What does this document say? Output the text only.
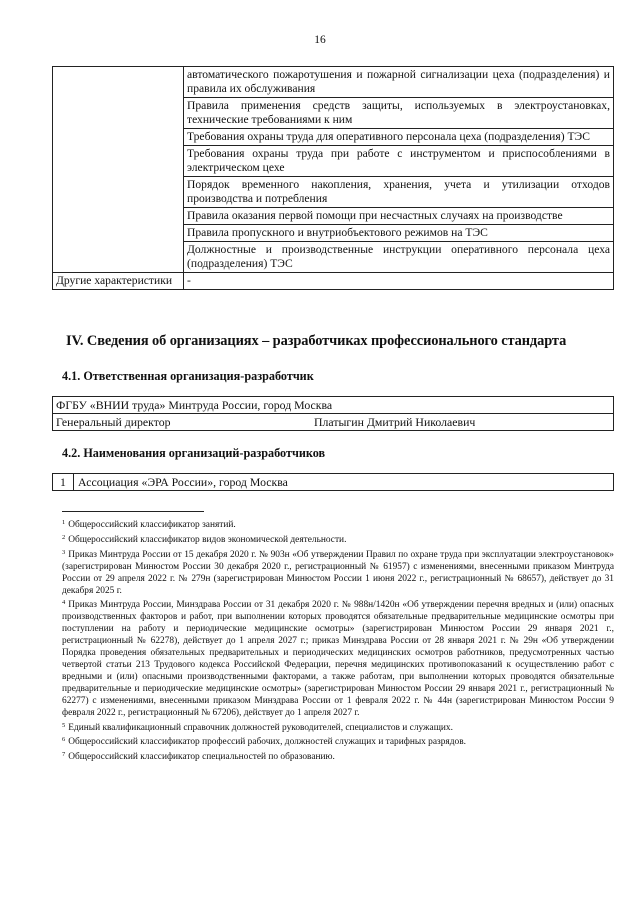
16
	автоматического пожаротушения и пожарной сигнализации цеха (подразделения) и правила их обслуживания
	Правила применения средств защиты, используемых в электроустановках, технические требованиями к ним
	Требования охраны труда для оперативного персонала цеха (подразделения) ТЭС
	Требования охраны труда при работе с инструментом и приспособлениями в электрическом цехе
	Порядок временного накопления, хранения, учета и утилизации отходов производства и потребления
	Правила оказания первой помощи при несчастных случаях на производстве
	Правила пропускного и внутриобъектового режимов на ТЭС
	Должностные и производственные инструкции оперативного персонала цеха (подразделения) ТЭС
Другие характеристики	-
IV. Сведения об организациях – разработчиках профессионального стандарта
4.1. Ответственная организация-разработчик
ФГБУ «ВНИИ труда» Минтруда России, город Москва
Генеральный директор	Платыгин Дмитрий Николаевич
4.2. Наименования организаций-разработчиков
1	Ассоциация «ЭРА России», город Москва
$^1$ Общероссийский классификатор занятий.
$^2$ Общероссийский классификатор видов экономической деятельности.
$^3$ Приказ Минтруда России от 15 декабря 2020 г. № 903н «Об утверждении Правил по охране труда при эксплуатации электроустановок» (зарегистрирован Минюстом России 30 декабря 2020 г., регистрационный № 61957) с изменениями, внесенными приказом Минтруда России от 29 апреля 2022 г. № 279н (зарегистрирован Минюстом России 1 июня 2022 г., регистрационный № 68657), действует до 31 декабря 2025 г.
$^4$ Приказ Минтруда России, Минздрава России от 31 декабря 2020 г. № 988н/1420н «Об утверждении перечня вредных и (или) опасных производственных факторов и работ, при выполнении которых проводятся обязательные предварительные медицинские осмотры при поступлении на работу и периодические медицинские осмотры» (зарегистрирован Минюстом России 29 января 2021 г., регистрационный № 62278), действует до 1 апреля 2027 г.; приказ Минздрава России от 28 января 2021 г. № 29н «Об утверждении Порядка проведения обязательных предварительных и периодических медицинских осмотров работников, предусмотренных частью четвертой статьи 213 Трудового кодекса Российской Федерации, перечня медицинских противопоказаний к осуществлению работ с вредными и (или) опасными производственными факторами, а также работам, при выполнении которых проводятся обязательные предварительные и периодические медицинские осмотры» (зарегистрирован Минюстом России 29 января 2021 г., регистрационный № 62277) с изменениями, внесенными приказом Минздрава России от 1 февраля 2022 г. № 44н (зарегистрирован Минюстом России 9 февраля 2022 г., регистрационный № 67206), действует до 1 апреля 2027 г.
$^5$ Единый квалификационный справочник должностей руководителей, специалистов и служащих.
$^6$ Общероссийский классификатор профессий рабочих, должностей служащих и тарифных разрядов.
$^7$ Общероссийский классификатор специальностей по образованию.
